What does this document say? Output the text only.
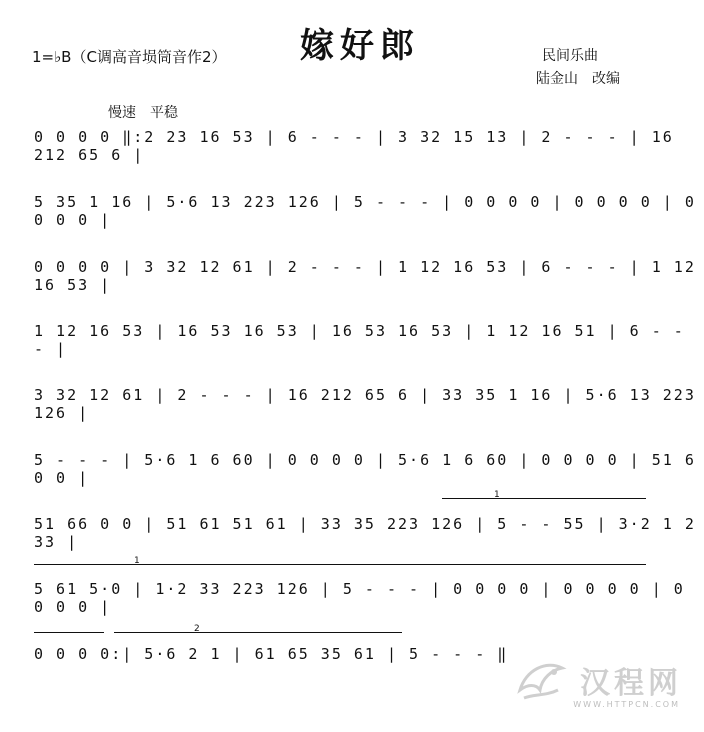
1=♭B（C调高音埙筒音作2） 嫁好郎	民间乐曲
陆金山　改编
慢速　平稳
0 0 0 0 ‖:2 23 16 53 | 6 - - - | 3 32 15 13 | 2 - - - | 16 212 65 6 |
5 35 1 16 | 5·6 13 223 126 | 5 - - - | 0 0 0 0 | 0 0 0 0 | 0 0 0 0 |
0 0 0 0 | 3 32 12 61 | 2 - - - | 1 12 16 53 | 6 - - - | 1 12 16 53 |
1 12 16 53 | 16 53 16 53 | 16 53 16 53 | 1 12 16 51 | 6 - - - |
3 32 12 61 | 2 - - - | 16 212 65 6 | 33 35 1 16 | 5·6 13 223 126 |
5 - - - | 5·6 1 6 60 | 0 0 0 0 | 5·6 1 6 60 | 0 0 0 0 | 51 6 0 0 |
51 66 0 0 | 51 61 51 61 | 33 35 223 126 | 5 - - 55 | 3·2 1 2 33 |
5 61 5·0 | 1·2 33 223 126 | 5 - - - | 0 0 0 0 | 0 0 0 0 | 0 0 0 0 |
0 0 0 0:| 5·6 2 1 | 61 65 35 61 | 5 - - - ‖
1
1
2
汉程网
WWW.HTTPCN.COM
